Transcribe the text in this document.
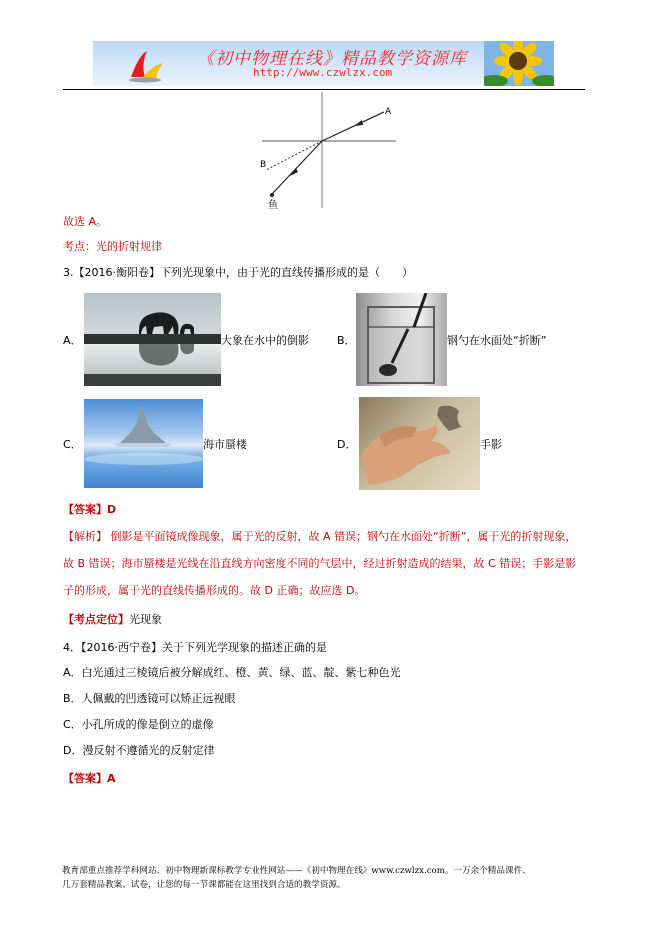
《初中物理在线》精品教学资源库
http://www.czwlzx.com
A
B
鱼
故选 A。
考点：光的折射规律
3.【2016·衡阳卷】下列光现象中，由于光的直线传播形成的是（　　）
A．	大象在水中的倒影	B．	钢勺在水面处“折断”
C．	海市蜃楼	D．	手影
【答案】D
【解析】 倒影是平面镜成像现象，属于光的反射，故 A 错误；钢勺在水面处“折断”，属于光的折射现象，
故 B 错误；海市蜃楼是光线在沿直线方向密度不同的气层中，经过折射造成的结果，故 C 错误；手影是影
子的形成，属于光的直线传播形成的。故 D 正确；故应选 D。
【考点定位】光现象
4．【2016·西宁卷】关于下列光学现象的描述正确的是
A．白光通过三棱镜后被分解成红、橙、黄、绿、蓝、靛、紫七种色光
B．人佩戴的凹透镜可以矫正远视眼
C．小孔所成的像是倒立的虚像
D．漫反射不遵循光的反射定律
【答案】A
教育部重点推荐学科网站、初中物理新课标教学专业性网站——《初中物理在线》www.czwlzx.com。一万余个精品课件、
几万套精品教案、试卷，让您的每一节课都能在这里找到合适的教学资源。
